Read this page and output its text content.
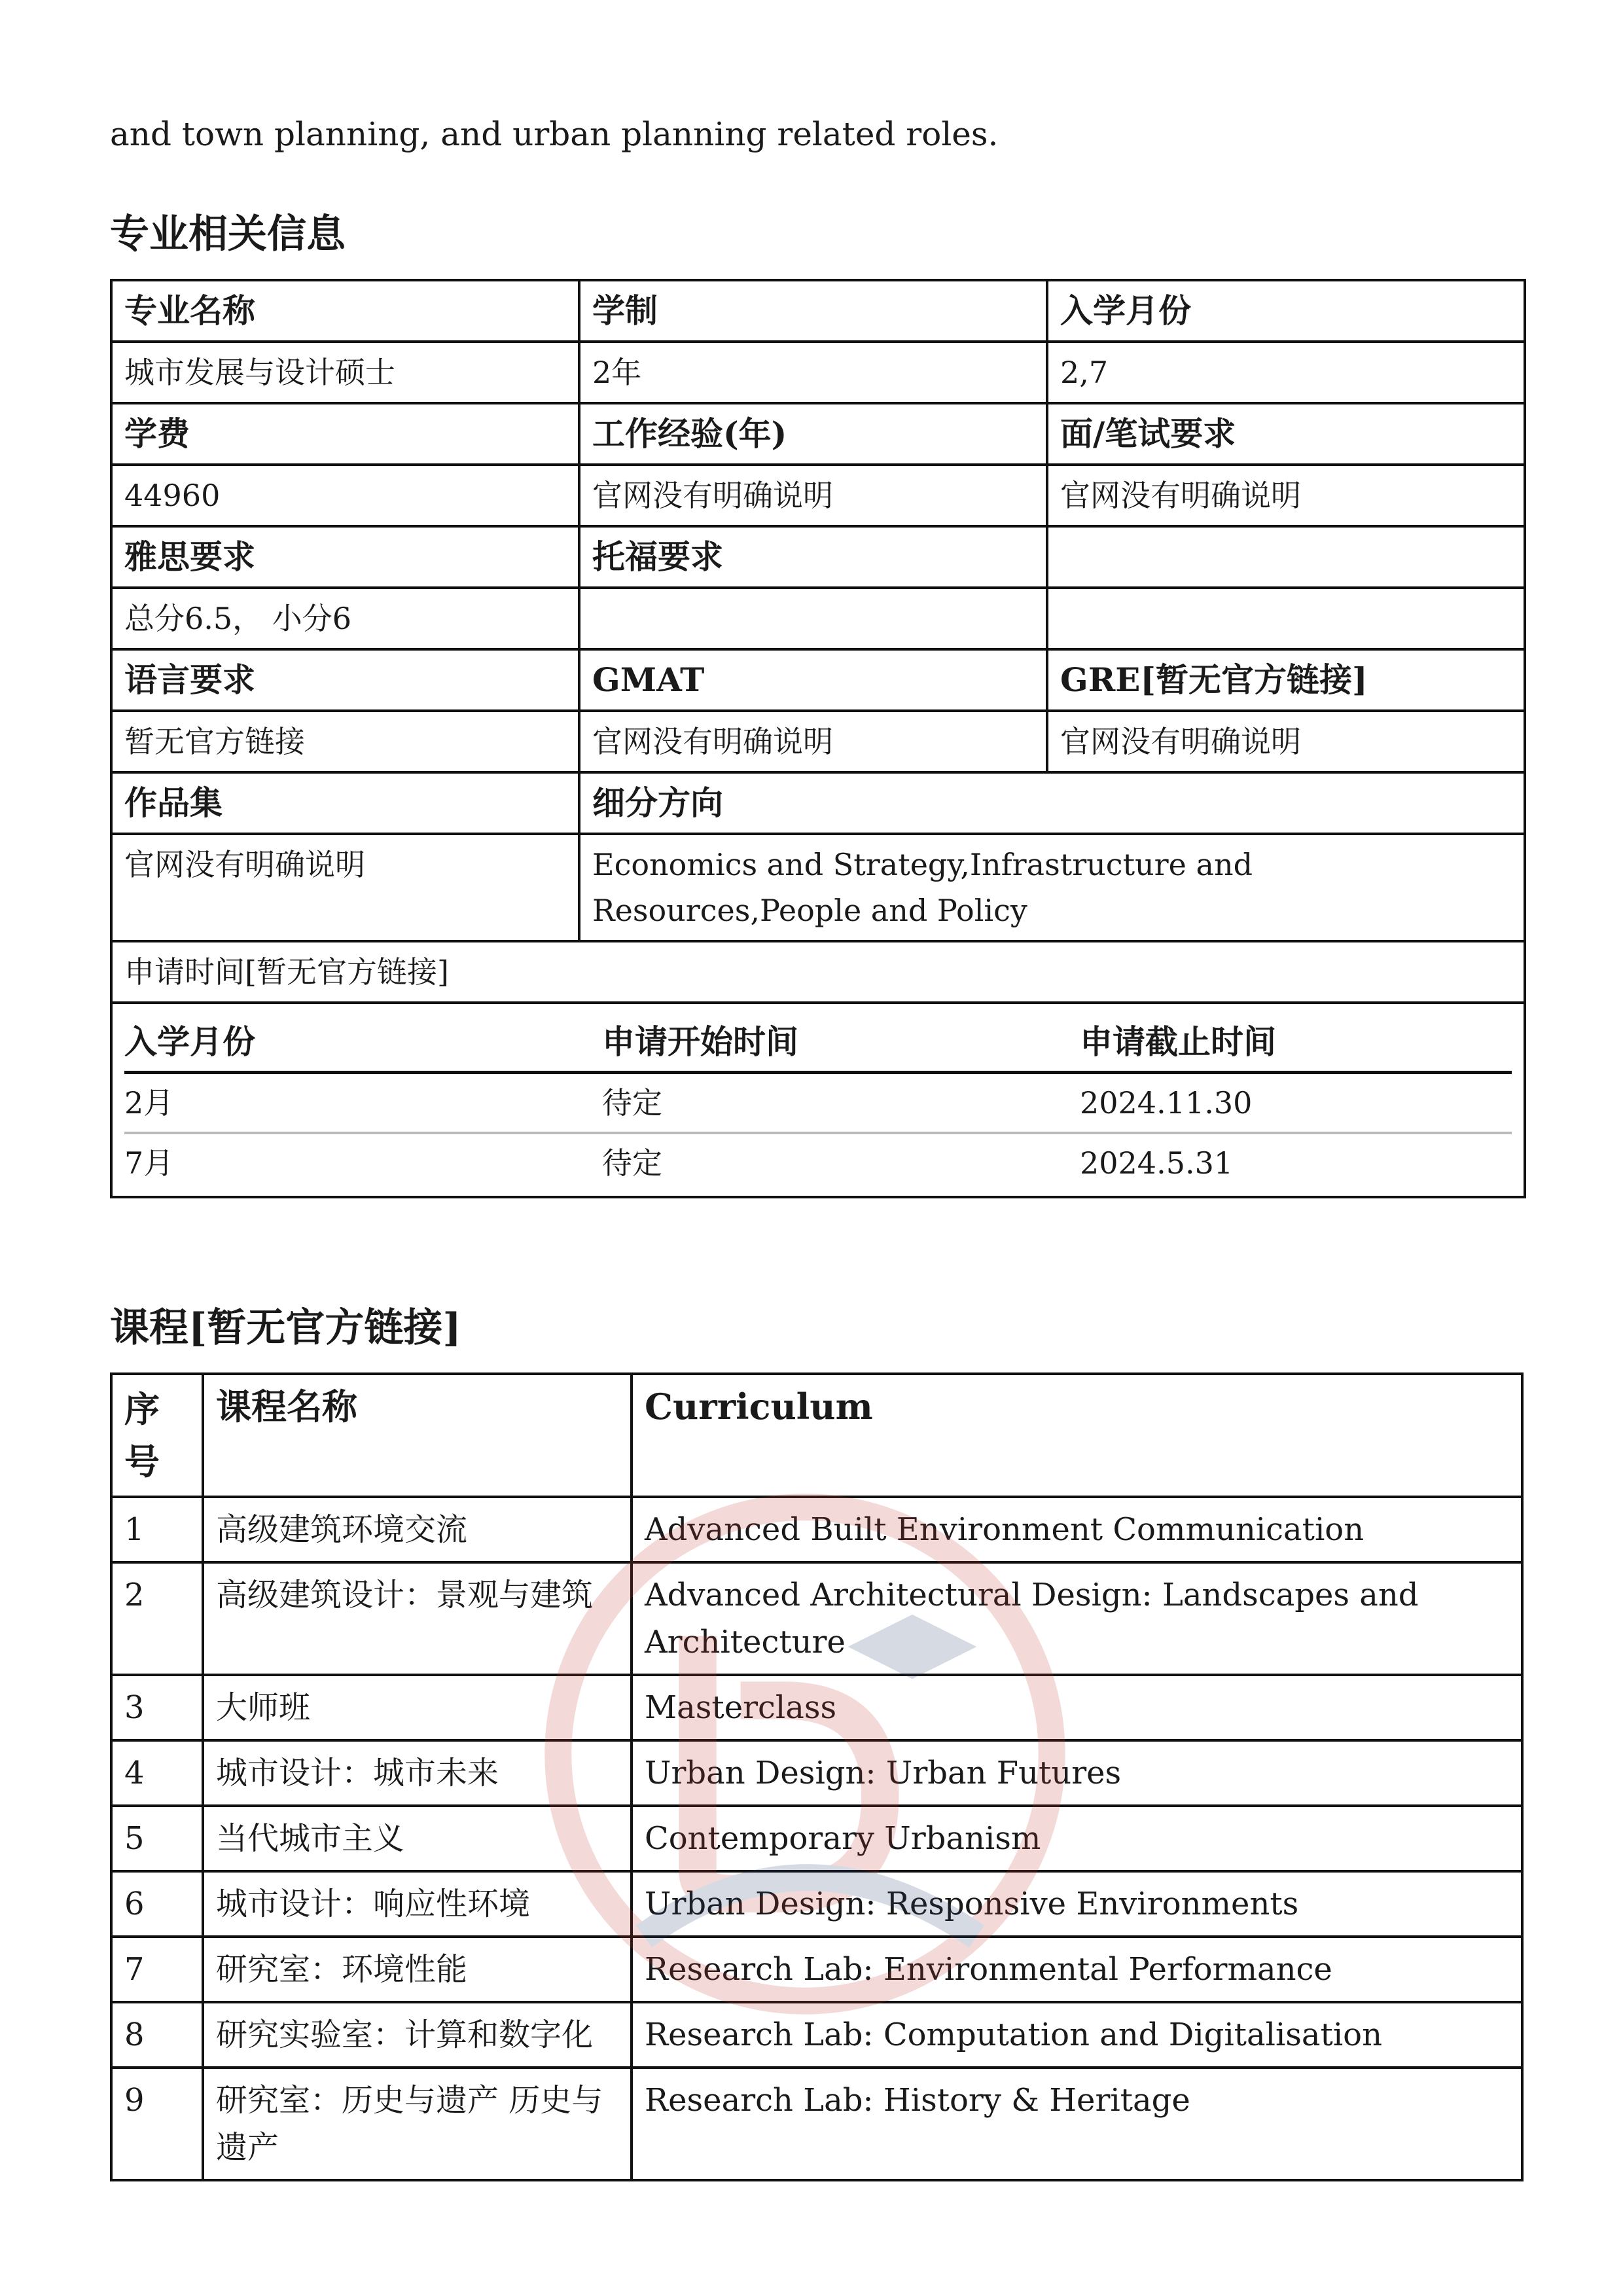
and town planning, and urban planning related roles.

专业相关信息
专业名称	学制	入学月份
城市发展与设计硕士	2年	2,7
学费	工作经验(年)	面/笔试要求
44960	官网没有明确说明	官网没有明确说明
雅思要求	托福要求	
总分6.5， 小分6		
语言要求	GMAT	GRE[暂无官方链接]
暂无官方链接	官网没有明确说明	官网没有明确说明
作品集	细分方向
官网没有明确说明	Economics and Strategy,Infrastructure and Resources,People and Policy
申请时间[暂无官方链接]

入学月份	申请开始时间	申请截止时间
2月	待定	2024.11.30
7月	待定	2024.5.31
课程[暂无官方链接]
序号	课程名称	Curriculum
1	高级建筑环境交流	Advanced Built Environment Communication
2	高级建筑设计：景观与建筑	Advanced Architectural Design: Landscapes and Architecture
3	大师班	Masterclass
4	城市设计：城市未来	Urban Design: Urban Futures
5	当代城市主义	Contemporary Urbanism
6	城市设计：响应性环境	Urban Design: Responsive Environments
7	研究室：环境性能	Research Lab: Environmental Performance
8	研究实验室：计算和数字化	Research Lab: Computation and Digitalisation
9	研究室：历史与遗产 历史与遗产	Research Lab: History & Heritage
